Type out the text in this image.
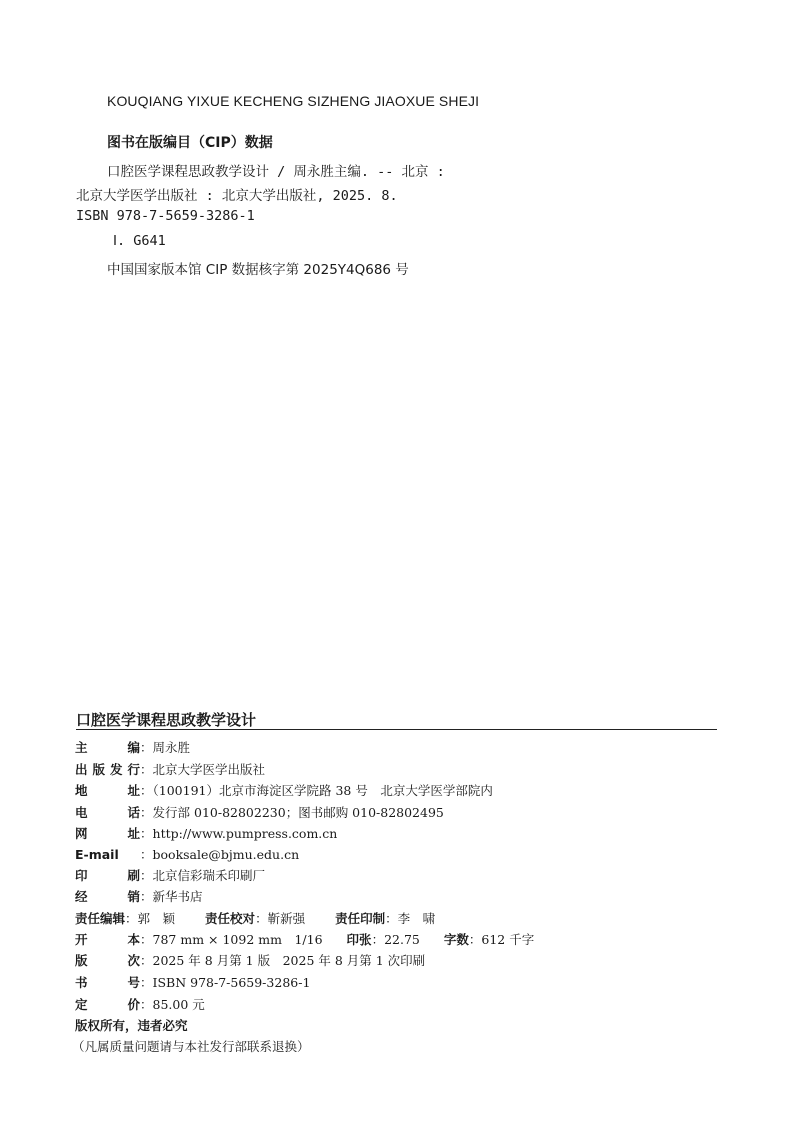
KOUQIANG YIXUE KECHENG SIZHENG JIAOXUE SHEJI
图书在版编目（CIP）数据
口腔医学课程思政教学设计 / 周永胜主编. -- 北京 :
北京大学医学出版社 : 北京大学出版社, 2025. 8.
ISBN 978-7-5659-3286-1
Ⅰ. G641
中国国家版本馆 CIP 数据核字第 2025Y4Q686 号
口腔医学课程思政教学设计
主编：周永胜
出版发行：北京大学医学出版社
地址：（100191）北京市海淀区学院路 38 号　北京大学医学部院内
电话：发行部 010-82802230；图书邮购 010-82802495
网址：http://www.pumpress.com.cn
E-mail ：booksale@bjmu.edu.cn
印刷：北京信彩瑞禾印刷厂
经销：新华书店
责任编辑：郭　颖 责任校对：靳新强 责任印制：李　啸
开本：787 mm × 1092 mm　1/16 印张：22.75 字数：612 千字
版次：2025 年 8 月第 1 版　2025 年 8 月第 1 次印刷
书号：ISBN 978-7-5659-3286-1
定价：85.00 元
版权所有，违者必究
（凡属质量问题请与本社发行部联系退换）
